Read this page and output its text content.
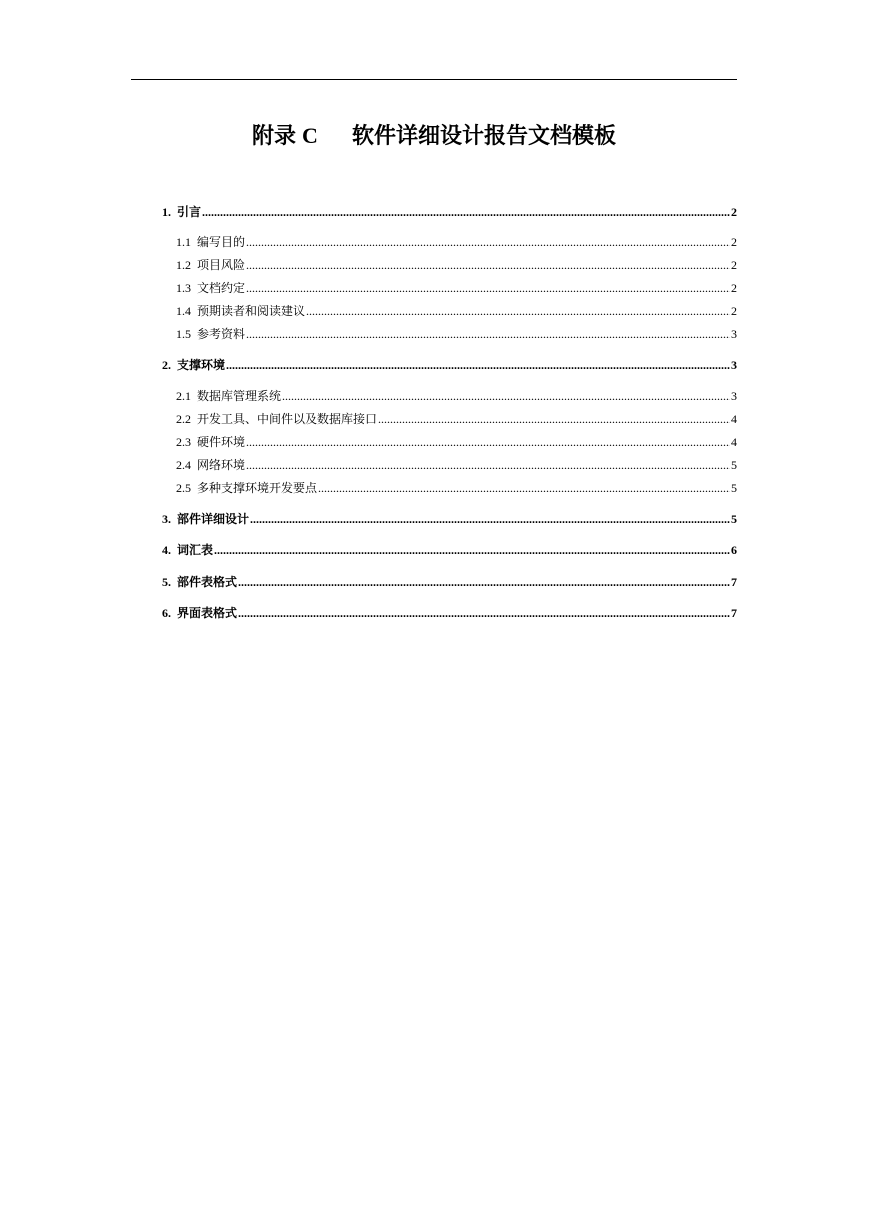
附录 C 软件详细设计报告文档模板
1. 引言 .....	2
1.1 编写目的 .....	2
1.2 项目风险 .....	2
1.3 文档约定 .....	2
1.4 预期读者和阅读建议 .....	2
1.5 参考资料 .....	3
2. 支撑环境 .....	3
2.1 数据库管理系统 .....	3
2.2 开发工具、中间件以及数据库接口 .....	4
2.3 硬件环境 .....	4
2.4 网络环境 .....	5
2.5 多种支撑环境开发要点 .....	5
3. 部件详细设计 .....	5
4. 词汇表 .....	6
5. 部件表格式 .....	7
6. 界面表格式 .....	7
